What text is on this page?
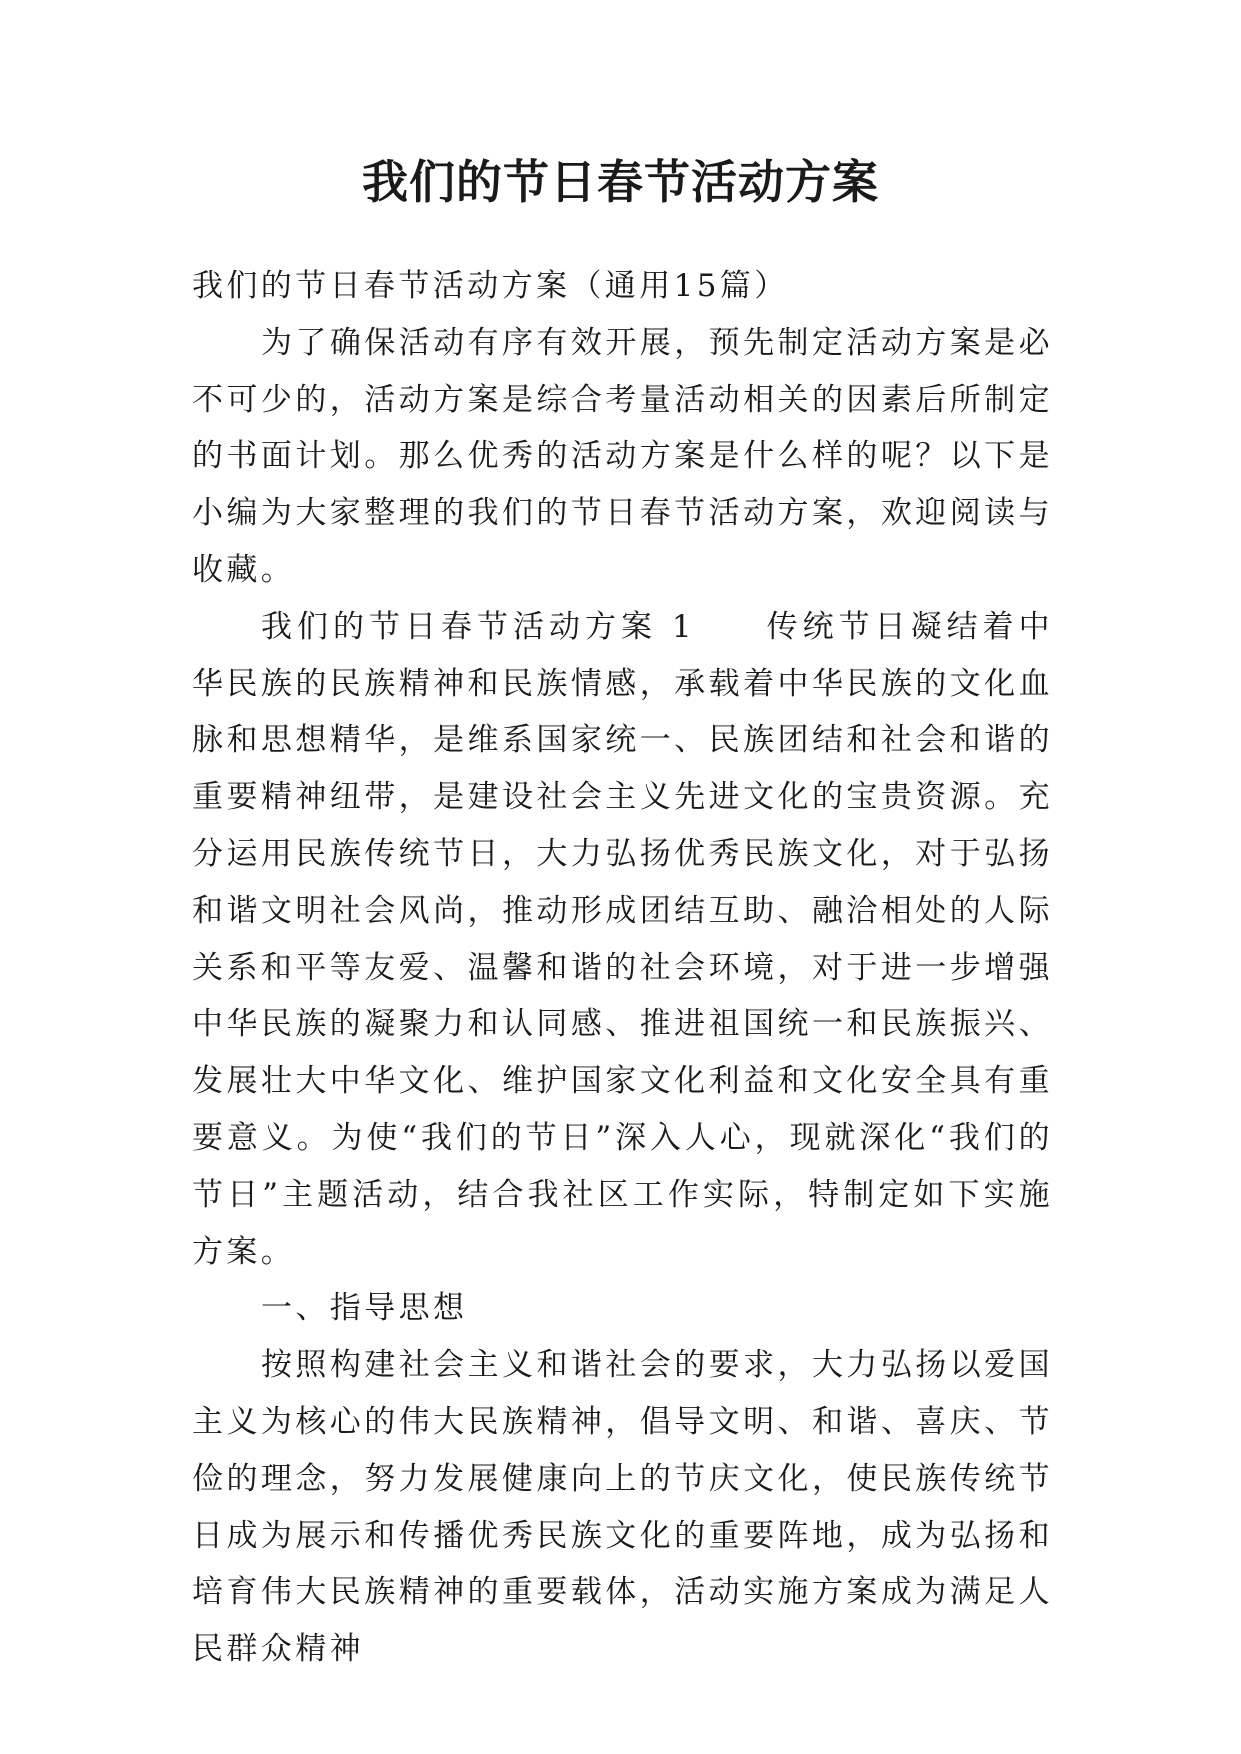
我们的节日春节活动方案

我们的节日春节活动方案（通用15篇）

为了确保活动有序有效开展，预先制定活动方案是必不可少的，活动方案是综合考量活动相关的因素后所制定的书面计划。那么优秀的活动方案是什么样的呢？以下是小编为大家整理的我们的节日春节活动方案，欢迎阅读与收藏。

我们的节日春节活动方案 1 传统节日凝结着中华民族的民族精神和民族情感，承载着中华民族的文化血脉和思想精华，是维系国家统一、民族团结和社会和谐的重要精神纽带，是建设社会主义先进文化的宝贵资源。充分运用民族传统节日，大力弘扬优秀民族文化，对于弘扬和谐文明社会风尚，推动形成团结互助、融洽相处的人际关系和平等友爱、温馨和谐的社会环境，对于进一步增强中华民族的凝聚力和认同感、推进祖国统一和民族振兴、发展壮大中华文化、维护国家文化利益和文化安全具有重要意义。为使“我们的节日”深入人心，现就深化“我们的节日”主题活动，结合我社区工作实际，特制定如下实施方案。

一、指导思想

按照构建社会主义和谐社会的要求，大力弘扬以爱国主义为核心的伟大民族精神，倡导文明、和谐、喜庆、节俭的理念，努力发展健康向上的节庆文化，使民族传统节日成为展示和传播优秀民族文化的重要阵地，成为弘扬和培育伟大民族精神的重要载体，活动实施方案成为满足人民群众精神
